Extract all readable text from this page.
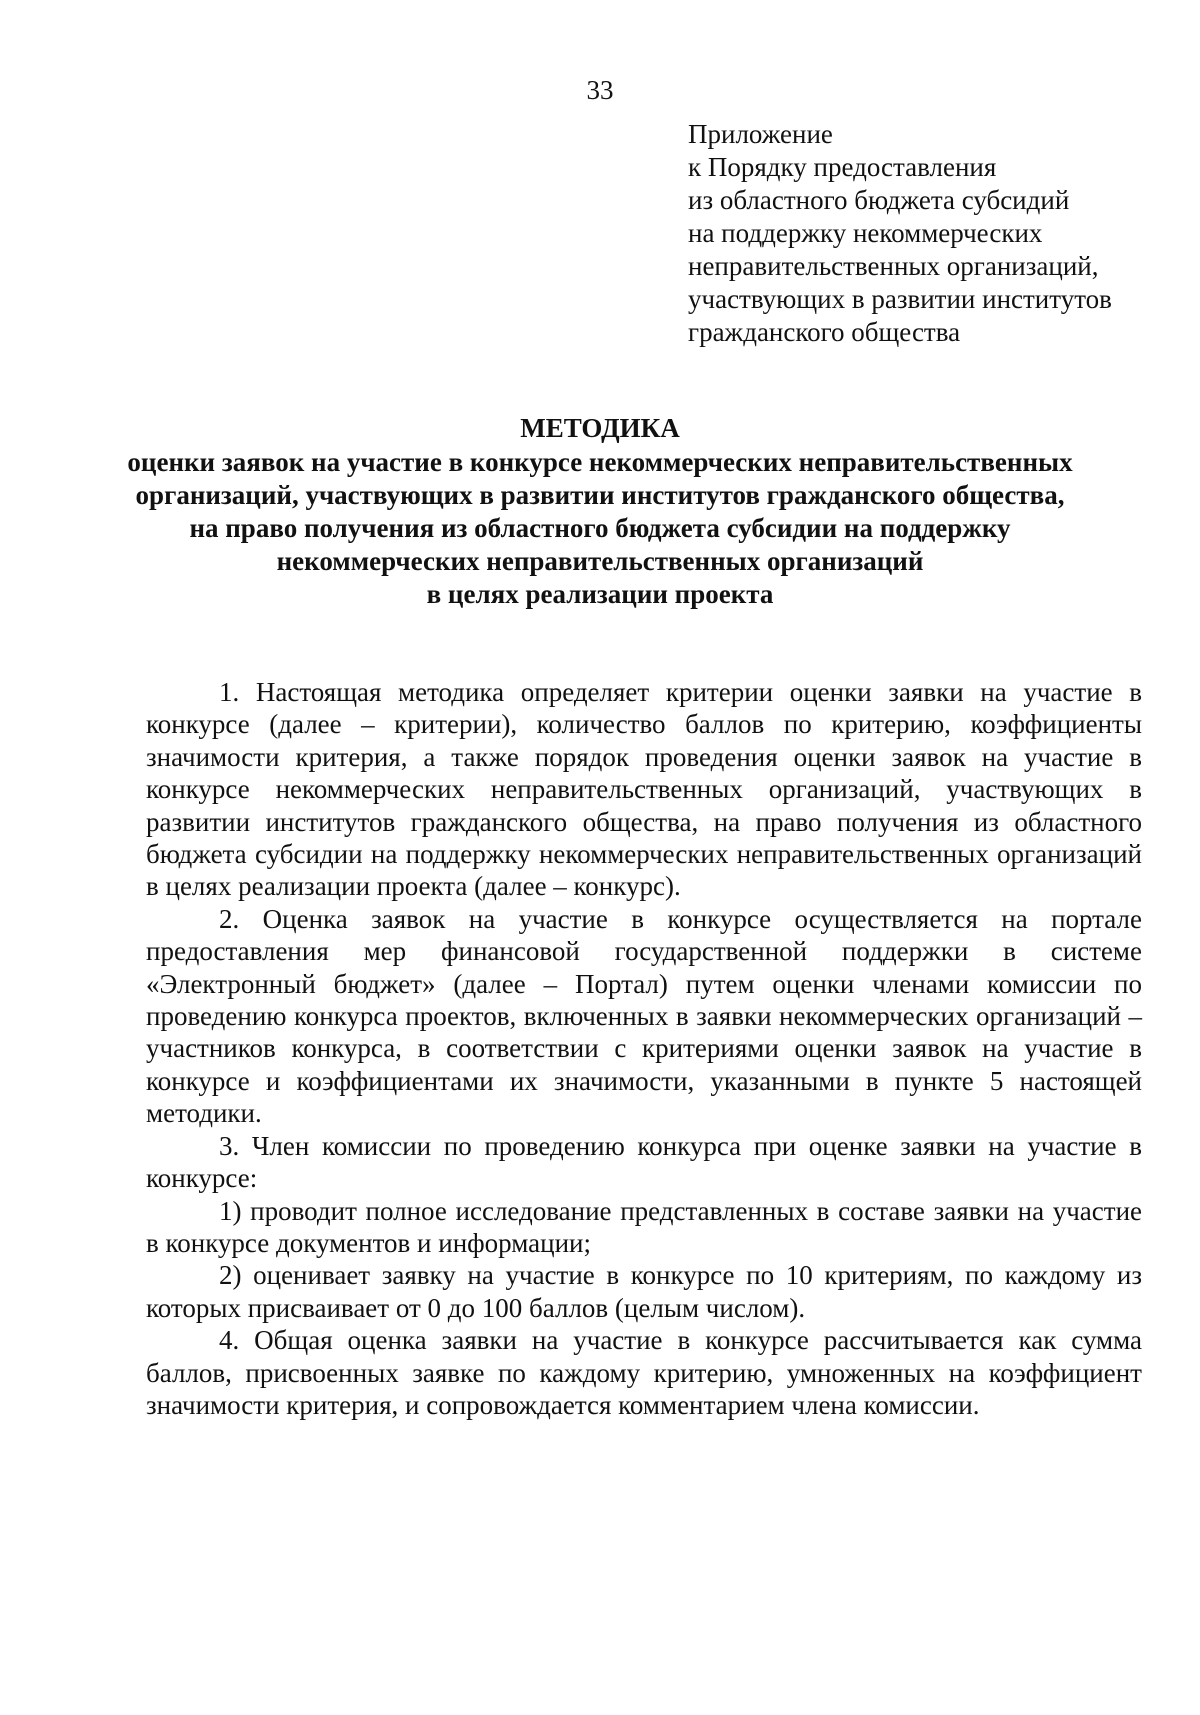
33
Приложение
к Порядку предоставления
из областного бюджета субсидий
на поддержку некоммерческих
неправительственных организаций,
участвующих в развитии институтов
гражданского общества
МЕТОДИКА
оценки заявок на участие в конкурсе некоммерческих неправительственных
организаций, участвующих в развитии институтов гражданского общества,
на право получения из областного бюджета субсидии на поддержку
некоммерческих неправительственных организаций
в целях реализации проекта

1. Настоящая методика определяет критерии оценки заявки на участие в конкурсе (далее – критерии), количество баллов по критерию, коэффициенты значимости критерия, а также порядок проведения оценки заявок на участие в конкурсе некоммерческих неправительственных организаций, участвующих в развитии институтов гражданского общества, на право получения из областного бюджета субсидии на поддержку некоммерческих неправительственных организаций в целях реализации проекта (далее – конкурс).

2. Оценка заявок на участие в конкурсе осуществляется на портале предоставления мер финансовой государственной поддержки в системе «Электронный бюджет» (далее – Портал) путем оценки членами комиссии по проведению конкурса проектов, включенных в заявки некоммерческих организаций – участников конкурса, в соответствии с критериями оценки заявок на участие в конкурсе и коэффициентами их значимости, указанными в пункте 5 настоящей методики.

3. Член комиссии по проведению конкурса при оценке заявки на участие в конкурсе:

1) проводит полное исследование представленных в составе заявки на участие в конкурсе документов и информации;

2) оценивает заявку на участие в конкурсе по 10 критериям, по каждому из которых присваивает от 0 до 100 баллов (целым числом).

4. Общая оценка заявки на участие в конкурсе рассчитывается как сумма баллов, присвоенных заявке по каждому критерию, умноженных на коэффициент значимости критерия, и сопровождается комментарием члена комиссии.
